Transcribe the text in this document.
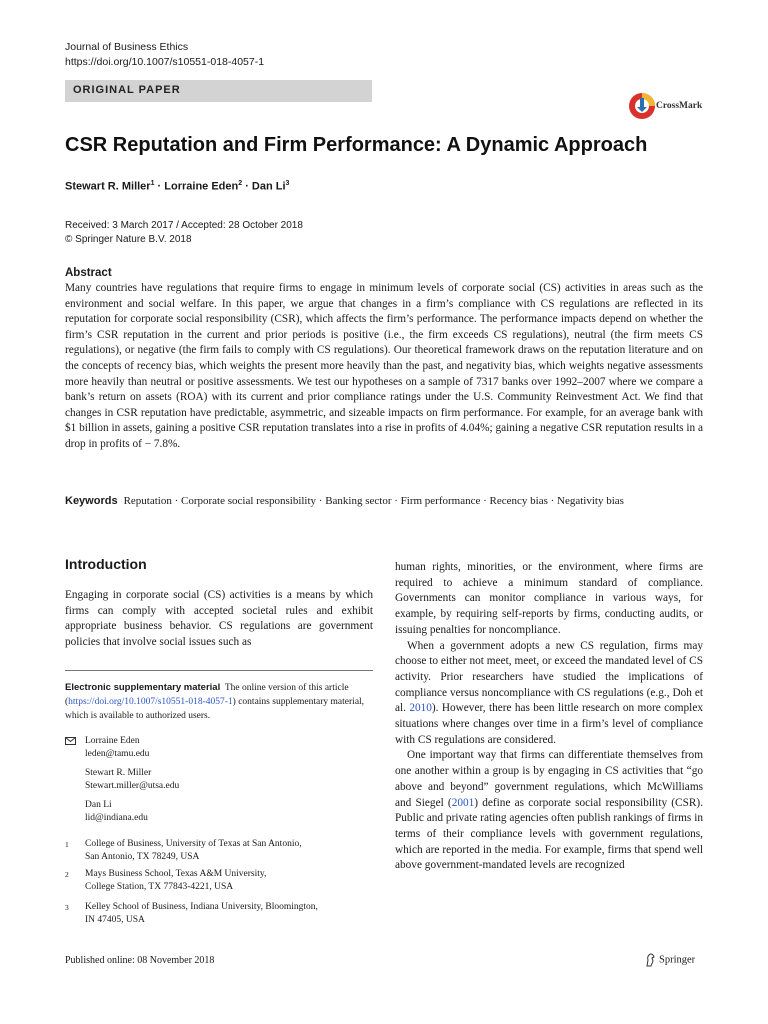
Journal of Business Ethics
https://doi.org/10.1007/s10551-018-4057-1
ORIGINAL PAPER
CrossMark
CSR Reputation and Firm Performance: A Dynamic Approach
Stewart R. Miller$^1$ · Lorraine Eden$^2$ · Dan Li$^3$
Received: 3 March 2017 / Accepted: 28 October 2018
© Springer Nature B.V. 2018
Abstract
Many countries have regulations that require firms to engage in minimum levels of corporate social (CS) activities in areas such as the environment and social welfare. In this paper, we argue that changes in a firm’s compliance with CS regulations are reflected in its reputation for corporate social responsibility (CSR), which affects the firm’s performance. The performance impacts depend on whether the firm’s CSR reputation in the current and prior periods is positive (i.e., the firm exceeds CS regulations), neutral (the firm meets CS regulations), or negative (the firm fails to comply with CS regulations). Our theoretical framework draws on the reputation literature and on the concepts of recency bias, which weights the present more heavily than the past, and negativity bias, which weights negative assessments more heavily than neutral or positive assessments. We test our hypotheses on a sample of 7317 banks over 1992–2007 where we compare a bank’s return on assets (ROA) with its current and prior compliance ratings under the U.S. Community Reinvestment Act. We find that changes in CSR reputation have predictable, asymmetric, and sizeable impacts on firm performance. For example, for an average bank with $1 billion in assets, gaining a positive CSR reputation translates into a rise in profits of 4.04%; gaining a negative CSR reputation results in a drop in profits of − 7.8%.
Keywords Reputation · Corporate social responsibility · Banking sector · Firm performance · Recency bias · Negativity bias
Introduction

Engaging in corporate social (CS) activities is a means by which firms can comply with accepted societal rules and exhibit appropriate business behavior. CS regulations are government policies that involve social issues such as

Electronic supplementary material The online version of this article (https://doi.org/10.1007/s10551-018-4057-1) contains supplementary material, which is available to authorized users.
Lorraine Eden
leden@tamu.edu
Stewart R. Miller
Stewart.miller@utsa.edu
Dan Li
lid@indiana.edu
1 College of Business, University of Texas at San Antonio,
San Antonio, TX 78249, USA
2 Mays Business School, Texas A&M University,
College Station, TX 77843-4221, USA
3 Kelley School of Business, Indiana University, Bloomington,
IN 47405, USA

human rights, minorities, or the environment, where firms are required to achieve a minimum standard of compliance. Governments can monitor compliance in various ways, for example, by requiring self-reports by firms, conducting audits, or issuing penalties for noncompliance.

When a government adopts a new CS regulation, firms may choose to either not meet, meet, or exceed the mandated level of CS activity. Prior researchers have studied the implications of compliance versus noncompliance with CS regulations (e.g., Doh et al. 2010). However, there has been little research on more complex situations where changes over time in a firm’s level of compliance with CS regulations are considered.

One important way that firms can differentiate themselves from one another within a group is by engaging in CS activities that “go above and beyond” government regulations, which McWilliams and Siegel (2001) define as corporate social responsibility (CSR). Public and private rating agencies often publish rankings of firms in terms of their compliance levels with government regulations, which are reported in the media. For example, firms that spend well above government-mandated levels are recognized

Published online: 08 November 2018	Springer
